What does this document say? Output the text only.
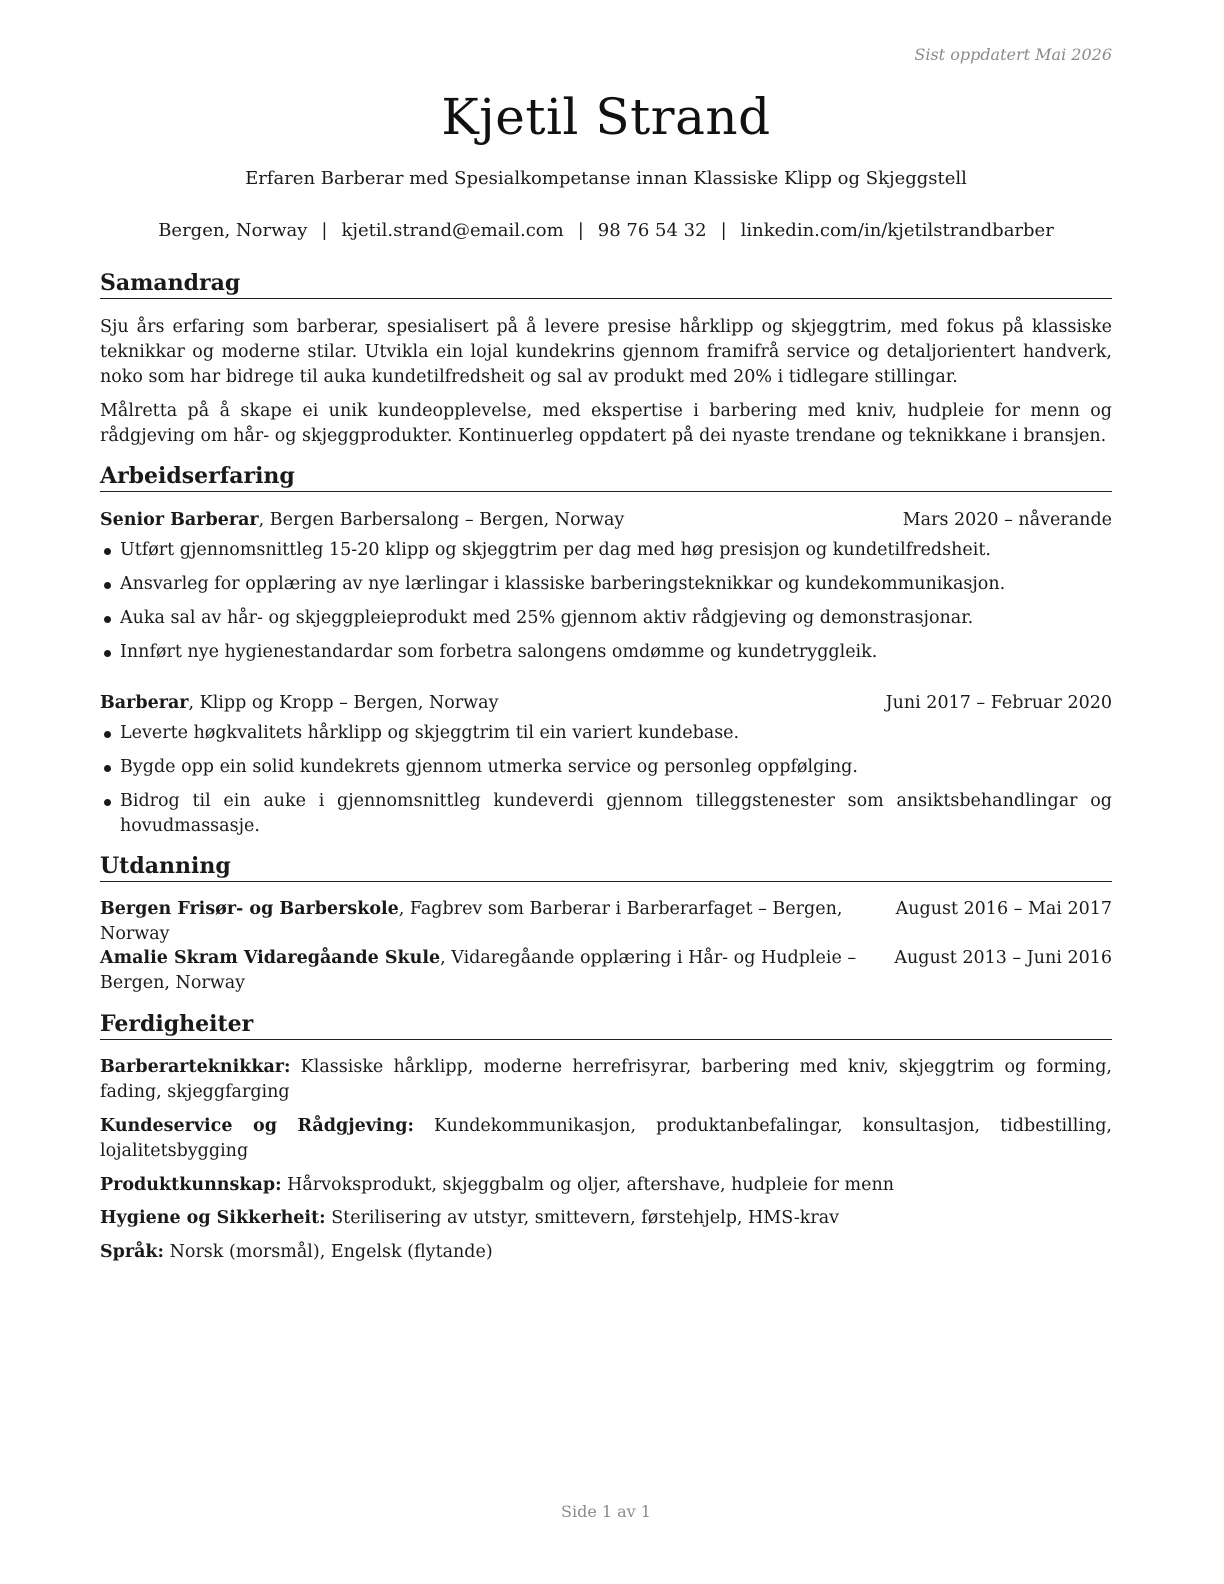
Sist oppdatert Mai 2026
Kjetil Strand
Erfaren Barberar med Spesialkompetanse innan Klassiske Klipp og Skjeggstell
Bergen, Norway | kjetil.strand@email.com | 98 76 54 32 | linkedin.com/in/kjetilstrandbarber
Samandrag
Sju års erfaring som barberar, spesialisert på å levere presise hårklipp og skjeggtrim, med fokus på klassiske teknikkar og moderne stilar. Utvikla ein lojal kundekrins gjennom framifrå service og detaljorientert handverk, noko som har bidrege til auka kundetilfredsheit og sal av produkt med 20% i tidlegare stillingar.
Målretta på å skape ei unik kundeopplevelse, med ekspertise i barbering med kniv, hudpleie for menn og rådgjeving om hår- og skjeggprodukter. Kontinuerleg oppdatert på dei nyaste trendane og teknikkane i bransjen.
Arbeidserfaring
Senior Barberar, Bergen Barbersalong – Bergen, Norway	Mars 2020 – nåverande
Utført gjennomsnittleg 15-20 klipp og skjeggtrim per dag med høg presisjon og kundetilfredsheit.
Ansvarleg for opplæring av nye lærlingar i klassiske barberingsteknikkar og kundekommunikasjon.
Auka sal av hår- og skjeggpleieprodukt med 25% gjennom aktiv rådgjeving og demonstrasjonar.
Innført nye hygienestandardar som forbetra salongens omdømme og kundetryggleik.
Barberar, Klipp og Kropp – Bergen, Norway	Juni 2017 – Februar 2020
Leverte høgkvalitets hårklipp og skjeggtrim til ein variert kundebase.
Bygde opp ein solid kundekrets gjennom utmerka service og personleg oppfølging.
Bidrog til ein auke i gjennomsnittleg kundeverdi gjennom tilleggstenester som ansiktsbehandlingar og hovudmassasje.
Utdanning
Bergen Frisør- og Barberskole, Fagbrev som Barberar i Barberarfaget – Bergen, Norway
August 2016 – Mai 2017
Amalie Skram Vidaregåande Skule, Vidaregåande opplæring i Hår- og Hudpleie – Bergen, Norway
August 2013 – Juni 2016
Ferdigheiter
Barberarteknikkar: Klassiske hårklipp, moderne herrefrisyrar, barbering med kniv, skjeggtrim og forming, fading, skjeggfarging
Kundeservice og Rådgjeving: Kundekommunikasjon, produktanbefalingar, konsultasjon, tidbestilling, lojalitetsbygging
Produktkunnskap: Hårvoksprodukt, skjeggbalm og oljer, aftershave, hudpleie for menn
Hygiene og Sikkerheit: Sterilisering av utstyr, smittevern, førstehjelp, HMS-krav
Språk: Norsk (morsmål), Engelsk (flytande)
Side 1 av 1
